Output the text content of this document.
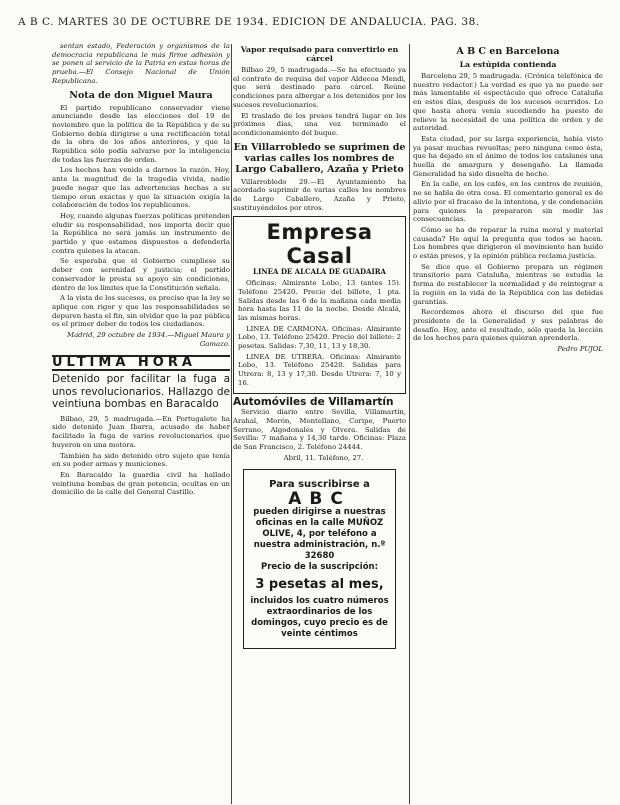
A B C. MARTES 30 DE OCTUBRE DE 1934. EDICION DE ANDALUCIA. PAG. 38.

sentan estado, Federación y organismos de la democracia republicana le más firme adhesión y se ponen al servicio de la Patria en estas horas de prueba.—El Consejo Nacional de Unión Republicana.

Nota de don Miguel Maura

El partido republicano conservador viene anunciando desde las elecciones del 19 de noviembre que la política de la República y de su Gobierno debía dirigirse a una rectificación total de la obra de los años anteriores, y que la República sólo podía salvarse por la inteligencia de todas las fuerzas de orden.

Los hechos han venido a darnos la razón. Hoy, ante la magnitud de la tragedia vivida, nadie puede negar que las advertencias hechas a su tiempo eran exactas y que la situación exigía la colaboración de todos los republicanos.

Hoy, cuando algunas fuerzas políticas pretenden eludir su responsabilidad, nos importa decir que la República no será jamás un instrumento de partido y que estamos dispuestos a defenderla contra quienes la atacan.

Se esperaba que el Gobierno cumpliese su deber con serenidad y justicia; el partido conservador le presta su apoyo sin condiciones, dentro de los límites que la Constitución señala.

A la vista de los sucesos, es preciso que la ley se aplique con rigor y que las responsabilidades se depuren hasta el fin, sin olvidar que la paz pública es el primer deber de todos los ciudadanos.

Madrid, 29 octubre de 1934.—Miguel Maura y Gamazo.

ULTIMA HORA
Detenido por facilitar la fuga a unos revolucionarios. Hallazgo de veintiuna bombas en Baracaldo

Bilbao, 29, 5 madrugada.—En Portugalete ha sido detenido Juan Ibarra, acusado de haber facilitado la fuga de varios revolucionarios que huyeron en una motora.

También ha sido detenido otro sujeto que tenía en su poder armas y municiones.

En Baracaldo la guardia civil ha hallado veintiuna bombas de gran potencia, ocultas en un domicilio de la calle del General Castillo.

Vapor requisado para convertirlo en cárcel

Bilbao 29, 5 madrugada.—Se ha efectuado ya el contrato de requisa del vapor Aldecoa Mendi, que será destinado para cárcel. Reúne condiciones para albergar a los detenidos por los sucesos revolucionarios.

El traslado de los presos tendrá lugar en los próximos días, una vez terminado el acondicionamiento del buque.

En Villarrobledo se suprimen de varias calles los nombres de Largo Caballero, Azaña y Prieto

Villarrobledo 29.—El Ayuntamiento ha acordado suprimir de varias calles los nombres de Largo Caballero, Azaña y Prieto, sustituyéndolos por otros.

Empresa Casal
LINEA DE ALCALA DE GUADAIRA

Oficinas: Almirante Lobo, 13 (antes 15). Teléfono 25420. Precio del billete, 1 pta. Salidas desde las 6 de la mañana cada media hora hasta las 11 de la noche. Desde Alcalá, las mismas horas.

LINEA DE CARMONA. Oficinas: Almirante Lobo, 13. Teléfono 25420. Precio del billete: 2 pesetas. Salidas: 7,30, 11, 13 y 18,30.

LINEA DE UTRERA. Oficinas: Almirante Lobo, 13. Teléfono 25420. Salidas para Utrera: 8, 13 y 17,30. Desde Utrera: 7, 10 y 16.

Automóviles de Villamartín

Servicio diario entre Sevilla, Villamartín, Arahal, Morón, Montellano, Coripe, Puerto Serrano, Algodonales y Olvera. Salidas de Sevilla: 7 mañana y 14,30 tarde. Oficinas: Plaza de San Francisco, 2. Teléfono 24444.

Abril, 11. Teléfono, 27.

Para suscribirse a
ABC
pueden dirigirse a nuestras oficinas en la calle MUÑOZ OLIVE, 4, por teléfono a nuestra administración, n.º 32680
Precio de la suscripción:
3 pesetas al mes,
incluidos los cuatro números extraordinarios de los domingos, cuyo precio es de veinte céntimos
A B C en Barcelona
La estúpida contienda

Barcelona 29, 5 madrugada. (Crónica telefónica de nuestro redactor.) La verdad es que ya no puede ser más lamentable el espectáculo que ofrece Cataluña en estos días, después de los sucesos ocurridos. Lo que hasta ahora venía sucediendo ha puesto de relieve la necesidad de una política de orden y de autoridad.

Esta ciudad, por su larga experiencia, había visto ya pasar muchas revueltas; pero ninguna como ésta, que ha dejado en el ánimo de todos los catalanes una huella de amargura y desengaño. La llamada Generalidad ha sido disuelta de hecho.

En la calle, en los cafés, en los centros de reunión, no se habla de otra cosa. El comentario general es de alivio por el fracaso de la intentona, y de condenación para quienes la prepararon sin medir las consecuencias.

Cómo se ha de reparar la ruina moral y material causada? He aquí la pregunta que todos se hacen. Los hombres que dirigieron el movimiento han huido o están presos, y la opinión pública reclama justicia.

Se dice que el Gobierno prepara un régimen transitorio para Cataluña, mientras se estudia la forma de restablecer la normalidad y de reintegrar a la región en la vida de la República con las debidas garantías.

Recordemos ahora el discurso del que fue presidente de la Generalidad y sus palabras de desafío. Hoy, ante el resultado, sólo queda la lección de los hechos para quienes quieran aprenderla.

Pedro PUJOL
